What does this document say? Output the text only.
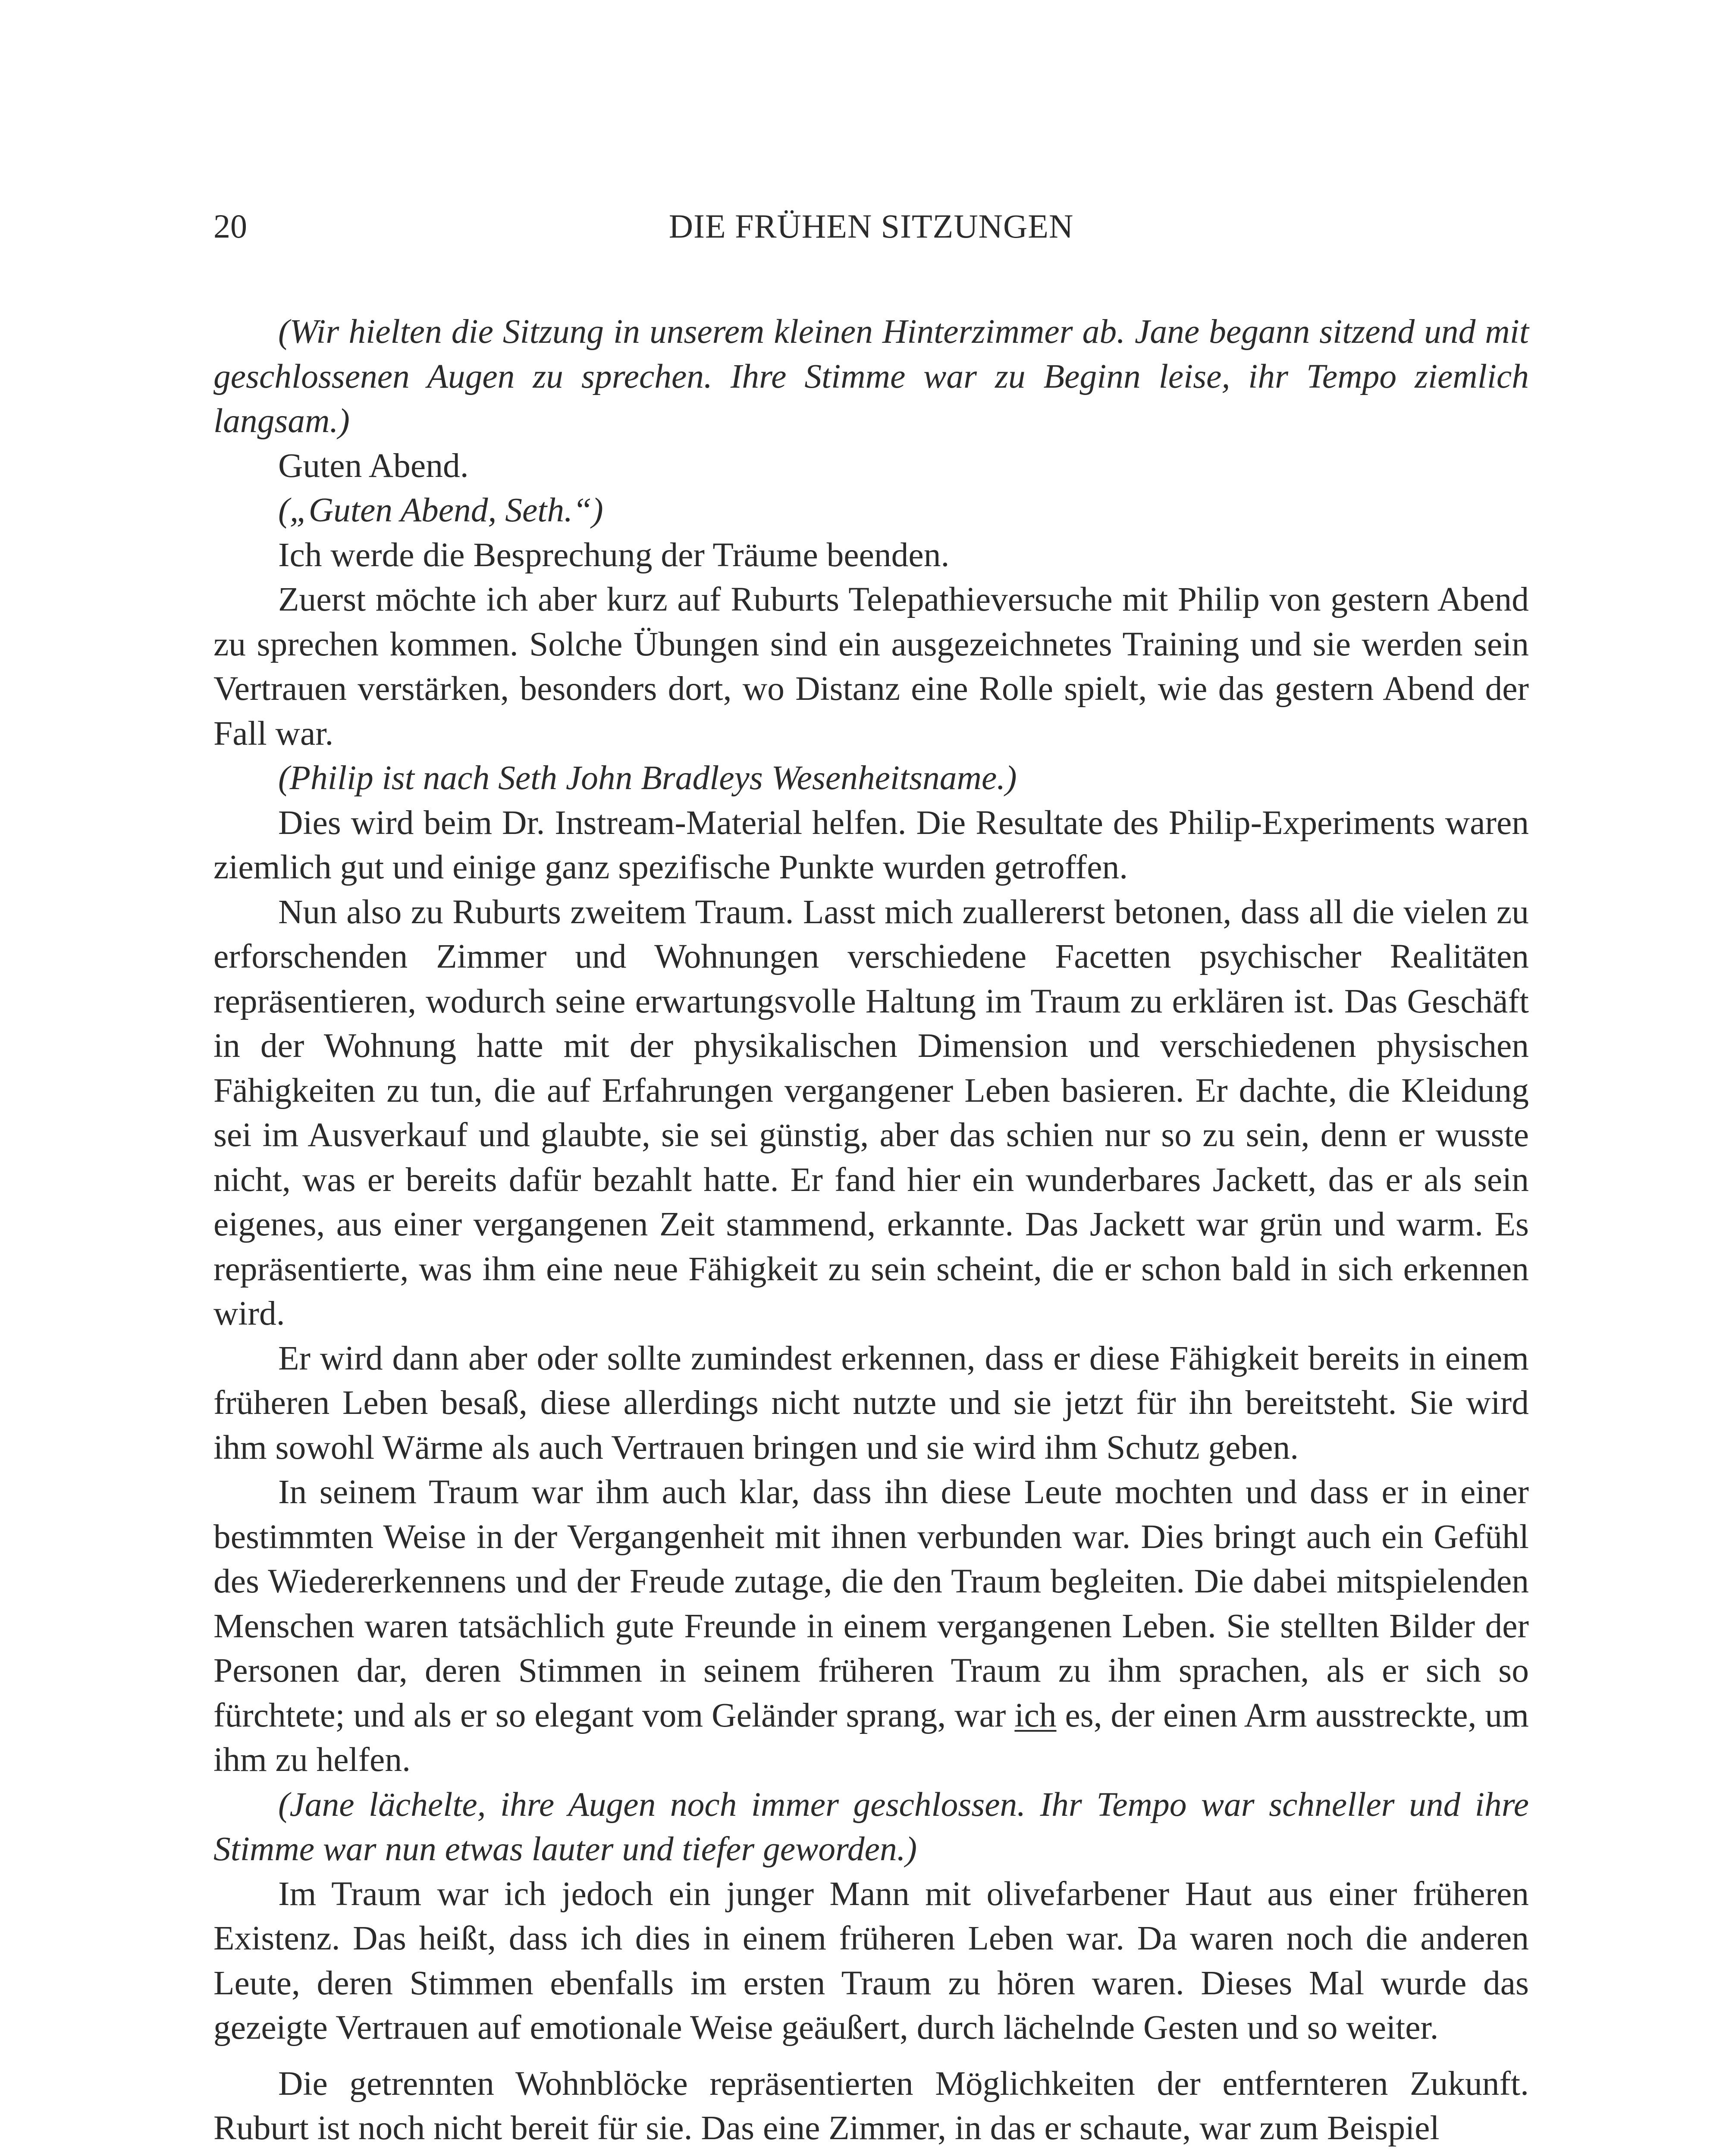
20	DIE FRÜHEN SITZUNGEN

(Wir hielten die Sitzung in unserem kleinen Hinterzimmer ab. Jane begann sitzend und mit geschlossenen Augen zu sprechen. Ihre Stimme war zu Beginn leise, ihr Tempo ziemlich langsam.)

Guten Abend.

(„Guten Abend, Seth.“)

Ich werde die Besprechung der Träume beenden.

Zuerst möchte ich aber kurz auf Ruburts Telepathieversuche mit Philip von gestern Abend zu sprechen kommen. Solche Übungen sind ein ausgezeichnetes Training und sie werden sein Vertrauen verstärken, besonders dort, wo Distanz eine Rolle spielt, wie das gestern Abend der Fall war.

(Philip ist nach Seth John Bradleys Wesenheitsname.)

Dies wird beim Dr. Instream-Material helfen. Die Resultate des Philip-Experiments waren ziemlich gut und einige ganz spezifische Punkte wurden getroffen.

Nun also zu Ruburts zweitem Traum. Lasst mich zuallererst betonen, dass all die vielen zu erforschenden Zimmer und Wohnungen verschiedene Facetten psychischer Realitäten repräsentieren, wodurch seine erwartungsvolle Haltung im Traum zu erklären ist. Das Geschäft in der Wohnung hatte mit der physikalischen Dimension und verschiedenen physischen Fähigkeiten zu tun, die auf Erfahrungen vergangener Leben basieren. Er dachte, die Kleidung sei im Ausverkauf und glaubte, sie sei günstig, aber das schien nur so zu sein, denn er wusste nicht, was er bereits dafür bezahlt hatte. Er fand hier ein wunderbares Jackett, das er als sein eigenes, aus einer vergangenen Zeit stammend, erkannte. Das Jackett war grün und warm. Es repräsentierte, was ihm eine neue Fähigkeit zu sein scheint, die er schon bald in sich erkennen wird.

Er wird dann aber oder sollte zumindest erkennen, dass er diese Fähigkeit bereits in einem früheren Leben besaß, diese allerdings nicht nutzte und sie jetzt für ihn bereitsteht. Sie wird ihm sowohl Wärme als auch Vertrauen bringen und sie wird ihm Schutz geben.

In seinem Traum war ihm auch klar, dass ihn diese Leute mochten und dass er in einer bestimmten Weise in der Vergangenheit mit ihnen verbunden war. Dies bringt auch ein Gefühl des Wiedererkennens und der Freude zutage, die den Traum begleiten. Die dabei mitspielenden Menschen waren tatsächlich gute Freunde in einem vergangenen Leben. Sie stellten Bilder der Personen dar, deren Stimmen in seinem früheren Traum zu ihm sprachen, als er sich so fürchtete; und als er so elegant vom Geländer sprang, war ich es, der einen Arm ausstreckte, um ihm zu helfen.

(Jane lächelte, ihre Augen noch immer geschlossen. Ihr Tempo war schneller und ihre Stimme war nun etwas lauter und tiefer geworden.)

Im Traum war ich jedoch ein junger Mann mit olivefarbener Haut aus einer früheren Existenz. Das heißt, dass ich dies in einem früheren Leben war. Da waren noch die anderen Leute, deren Stimmen ebenfalls im ersten Traum zu hören waren. Dieses Mal wurde das gezeigte Vertrauen auf emotionale Weise geäußert, durch lächelnde Gesten und so weiter.

Die getrennten Wohnblöcke repräsentierten Möglichkeiten der entfernteren Zukunft. Ruburt ist noch nicht bereit für sie. Das eine Zimmer, in das er schaute, war zum Beispiel
